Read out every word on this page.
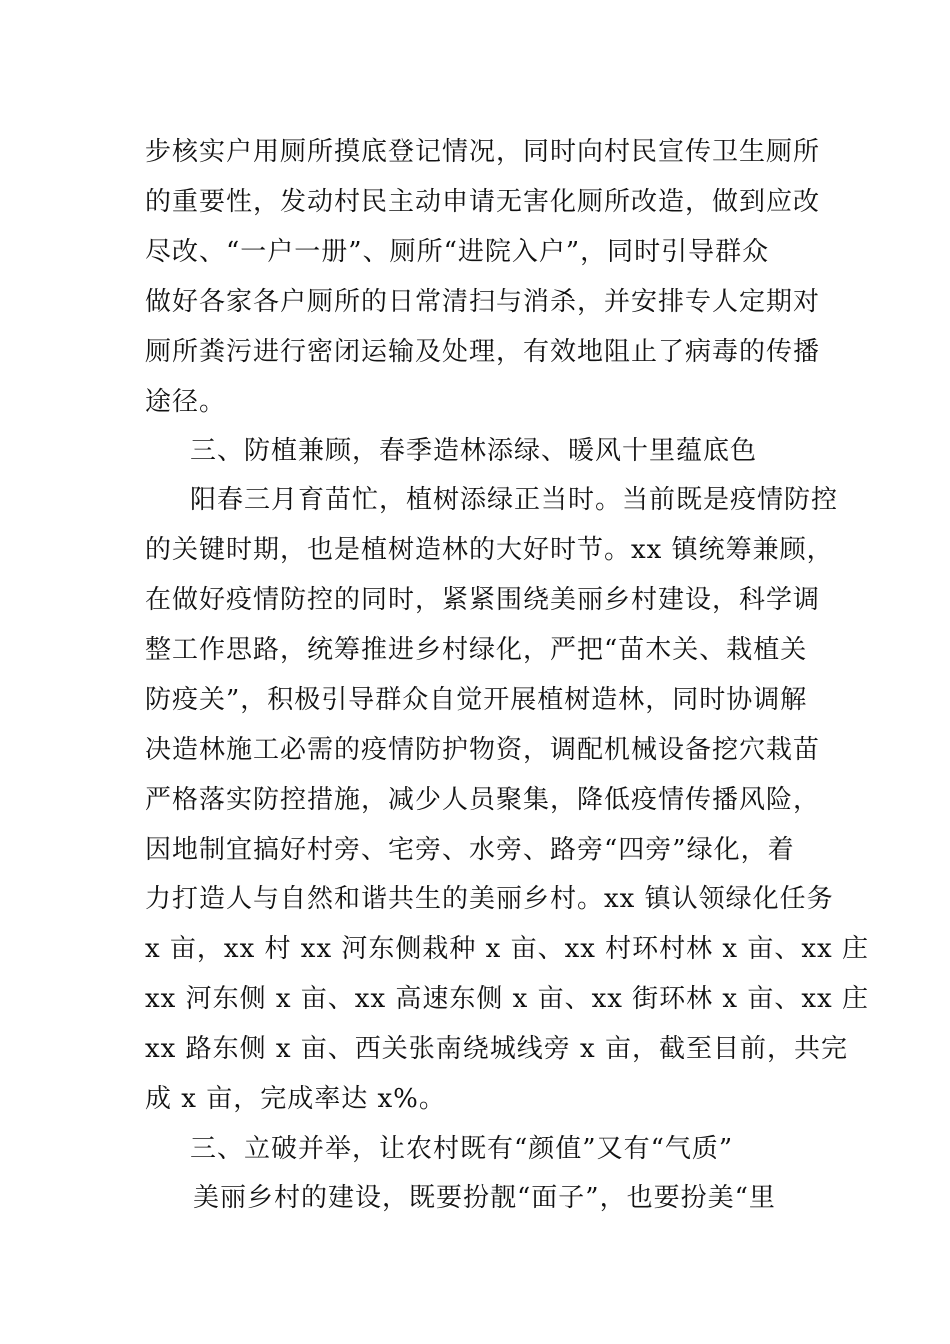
步核实户用厕所摸底登记情况，同时向村民宣传卫生厕所
的重要性，发动村民主动申请无害化厕所改造，做到应改
尽改、“一户一册”、厕所“进院入户”，同时引导群众
做好各家各户厕所的日常清扫与消杀，并安排专人定期对
厕所粪污进行密闭运输及处理，有效地阻止了病毒的传播
途径。
三、防植兼顾，春季造林添绿、暖风十里蕴底色
阳春三月育苗忙，植树添绿正当时。当前既是疫情防控
的关键时期，也是植树造林的大好时节。xx 镇统筹兼顾，
在做好疫情防控的同时，紧紧围绕美丽乡村建设，科学调
整工作思路，统筹推进乡村绿化，严把“苗木关、栽植关
防疫关”，积极引导群众自觉开展植树造林，同时协调解
决造林施工必需的疫情防护物资，调配机械设备挖穴栽苗
严格落实防控措施，减少人员聚集，降低疫情传播风险，
因地制宜搞好村旁、宅旁、水旁、路旁“四旁”绿化，着
力打造人与自然和谐共生的美丽乡村。xx 镇认领绿化任务
x 亩，xx 村 xx 河东侧栽种 x 亩、xx 村环村林 x 亩、xx 庄
xx 河东侧 x 亩、xx 高速东侧 x 亩、xx 街环林 x 亩、xx 庄
xx 路东侧 x 亩、西关张南绕城线旁 x 亩，截至目前，共完
成 x 亩，完成率达 x%。
三、立破并举，让农村既有“颜值”又有“气质”
美丽乡村的建设，既要扮靓“面子”，也要扮美“里
